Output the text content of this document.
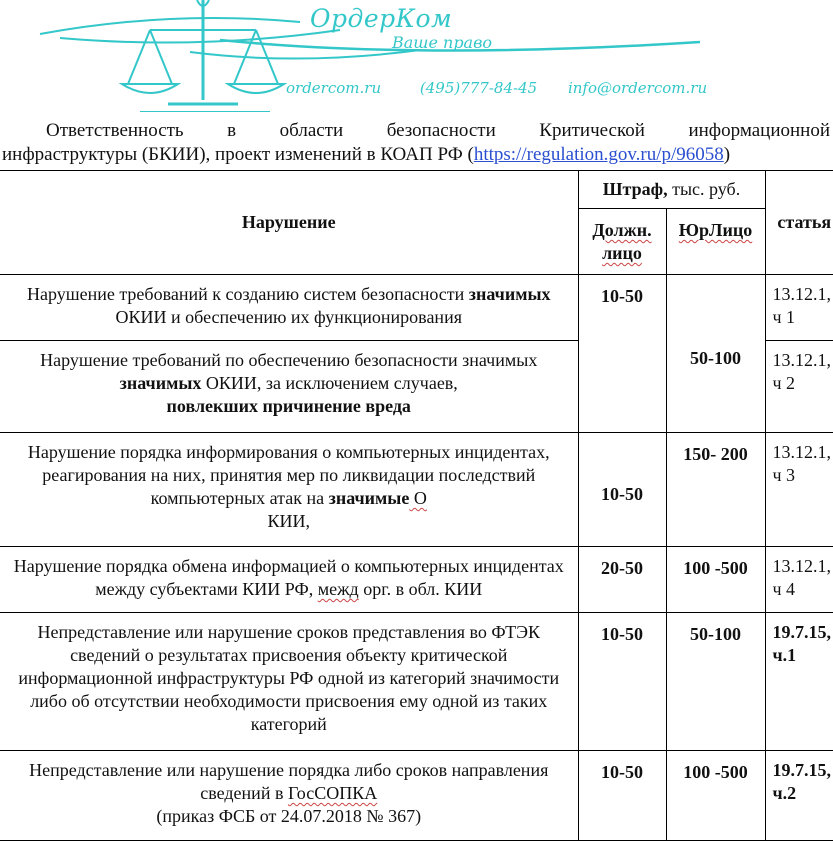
ОрдерКом
Ваше право
ordercom.ru	(495)777-84-45 info@ordercom.ru
Ответственность в области безопасности Критической информационной
инфраструктуры (БКИИ), проект изменений в КОАП РФ (https://regulation.gov.ru/p/96058)
Нарушение	Штраф, тыс. руб.		статья
	Должн. лицо	ЮрЛицо	
Нарушение требований к созданию систем безопасности значимых ОКИИ и обеспечению их функционирования	10-50	50-100	13.12.1, ч 1
Нарушение требований по обеспечению безопасности значимых значимых ОКИИ, за исключением случаев,
повлекших причинение вреда			13.12.1, ч 2
Нарушение порядка информирования о компьютерных инцидентах, реагирования на них, принятия мер по ликвидации последствий компьютерных атак на значимые О
КИИ,	10-50	150- 200	13.12.1, ч 3
Нарушение порядка обмена информацией о компьютерных инцидентах между субъектами КИИ РФ, межд орг. в обл. КИИ	20-50	100 -500	13.12.1, ч 4
Непредставление или нарушение сроков представления во ФТЭК сведений о результатах присвоения объекту критической информационной инфраструктуры РФ одной из категорий значимости либо об отсутствии необходимости присвоения ему одной из таких категорий	10-50	50-100	19.7.15, ч.1
Непредставление или нарушение порядка либо сроков направления сведений в ГосСОПКА
(приказ ФСБ от 24.07.2018 № 367)	10-50	100 -500	19.7.15, ч.2
